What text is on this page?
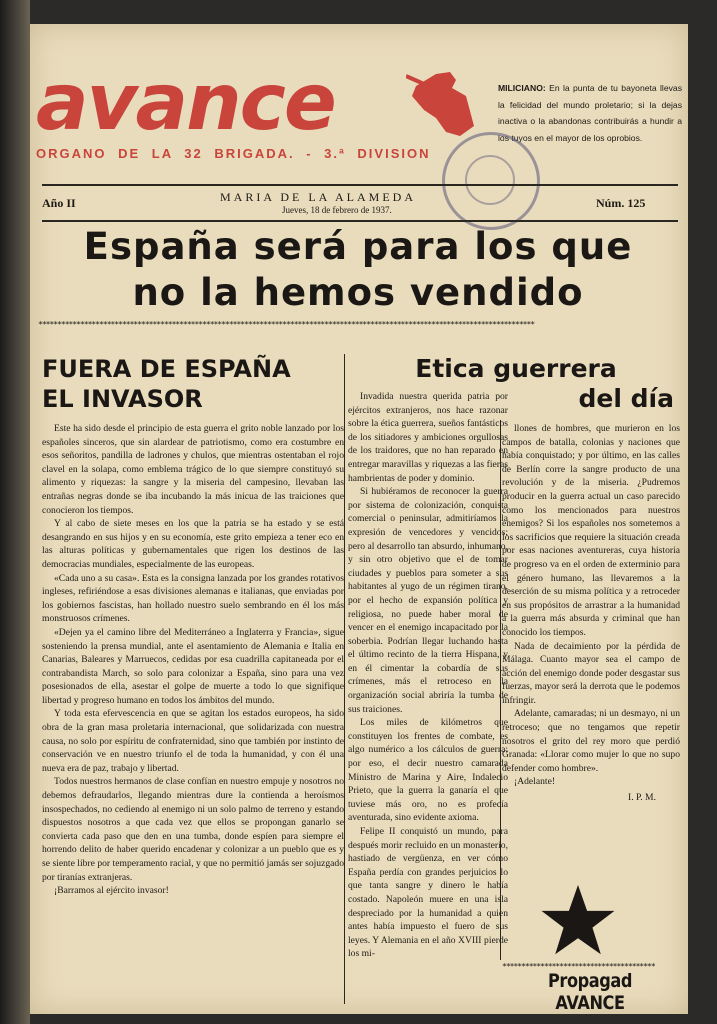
avance
ORGANO DE LA 32 BRIGADA. - 3.ª DIVISION
MILICIANO: En la punta de tu bayoneta llevas la felicidad del mundo proletario; si la dejas inactiva o la abandonas contribuirás a hundir a los tuyos en el mayor de los oprobios.
Año II	MARIA DE LA ALAMEDA
Jueves, 18 de febrero de 1937.	Núm. 125
España será para los que
no la hemos vendido
**********************************************************************************************************************************
FUERA DE ESPAÑA
EL INVASOR

Este ha sido desde el principio de esta guerra el grito noble lanzado por los españoles sinceros, que sin alardear de patriotismo, como era costumbre en esos señoritos, pandilla de ladrones y chulos, que mientras ostentaban el rojo clavel en la solapa, como emblema trágico de lo que siempre constituyó su alimento y riquezas: la sangre y la miseria del campesino, llevaban las entrañas negras donde se iba incubando la más inicua de las traiciones que conocieron los tiempos.

Y al cabo de siete meses en los que la patria se ha estado y se está desangrando en sus hijos y en su economía, este grito empieza a tener eco en las alturas políticas y gubernamentales que rigen los destinos de las democracias mundiales, especialmente de las europeas.

«Cada uno a su casa». Esta es la consigna lanzada por los grandes rotativos ingleses, refiriéndose a esas divisiones alemanas e italianas, que enviadas por los gobiernos fascistas, han hollado nuestro suelo sembrando en él los más monstruosos crímenes.

«Dejen ya el camino libre del Mediterráneo a Inglaterra y Francia», sigue sosteniendo la prensa mundial, ante el asentamiento de Alemania e Italia en Canarias, Baleares y Marruecos, cedidas por esa cuadrilla capitaneada por el contrabandista March, so solo para colonizar a España, sino para una vez posesionados de ella, asestar el golpe de muerte a todo lo que signifique libertad y progreso humano en todos los ámbitos del mundo.

Y toda esta efervescencia en que se agitan los estados europeos, ha sido obra de la gran masa proletaria internacional, que solidarizada con nuestra causa, no solo por espíritu de confraternidad, sino que también por instinto de conservación ve en nuestro triunfo el de toda la humanidad, y con él una nueva era de paz, trabajo y libertad.

Todos nuestros hermanos de clase confían en nuestro empuje y nosotros no debemos defraudarlos, llegando mientras dure la contienda a heroísmos insospechados, no cediendo al enemigo ni un solo palmo de terreno y estando dispuestos nosotros a que cada vez que ellos se propongan ganarlo se convierta cada paso que den en una tumba, donde espíen para siempre el horrendo delito de haber querido encadenar y colonizar a un pueblo que es y se siente libre por temperamento racial, y que no permitió jamás ser sojuzgado por tiranías extranjeras.

¡Barramos al ejército invasor!

Etica guerrera
del día

Invadida nuestra querida patria por ejércitos extranjeros, nos hace razonar sobre la ética guerrera, sueños fantásticos de los sitiadores y ambiciones orgullosas de los traidores, que no han reparado en entregar maravillas y riquezas a las fieras hambrientas de poder y dominio.

Si hubiéramos de reconocer la guerra por sistema de colonización, conquista comercial o peninsular, admitiríamos la expresión de vencedores y vencidos; pero al desarrollo tan absurdo, inhumano, y sin otro objetivo que el de tomar ciudades y pueblos para someter a sus habitantes al yugo de un régimen tirano, por el hecho de expansión política y religiosa, no puede haber moral de vencer en el enemigo incapacitado por la soberbia. Podrían llegar luchando hasta el último recinto de la tierra Hispana, y en él cimentar la cobardía de sus crímenes, más el retroceso en la organización social abriría la tumba de sus traiciones.

Los miles de kilómetros que constituyen los frentes de combate, es algo numérico a los cálculos de guerra; por eso, el decir nuestro camarada Ministro de Marina y Aire, Indalecio Prieto, que la guerra la ganaría el que tuviese más oro, no es profecía aventurada, sino evidente axioma.

Felipe II conquistó un mundo, para después morir recluido en un monasterio, hastiado de vergüenza, en ver cómo España perdía con grandes perjuicios lo que tanta sangre y dinero le había costado. Napoleón muere en una isla despreciado por la humanidad a quien antes había impuesto el fuero de sus leyes. Y Alemania en el año XVIII pierde los mi-

llones de hombres, que murieron en los campos de batalla, colonias y naciones que había conquistado; y por último, en las calles de Berlín corre la sangre producto de una revolución y de la miseria. ¿Pudremos producir en la guerra actual un caso parecido como los mencionados para nuestros enemigos? Si los españoles nos sometemos a los sacrificios que requiere la situación creada por esas naciones aventureras, cuya historia de progreso va en el orden de exterminio para el género humano, las llevaremos a la deserción de su misma política y a retroceder en sus propósitos de arrastrar a la humanidad a la guerra más absurda y criminal que han conocido los tiempos.

Nada de decaimiento por la pérdida de Málaga. Cuanto mayor sea el campo de acción del enemigo donde poder desgastar sus fuerzas, mayor será la derrota que le podemos infringir.

Adelante, camaradas; ni un desmayo, ni un retroceso; que no tengamos que repetir nosotros el grito del rey moro que perdió Granada: «Llorar como mujer lo que no supo defender como hombre».

¡Adelante!

I. P. M.
****************************************
Propagad AVANCE
